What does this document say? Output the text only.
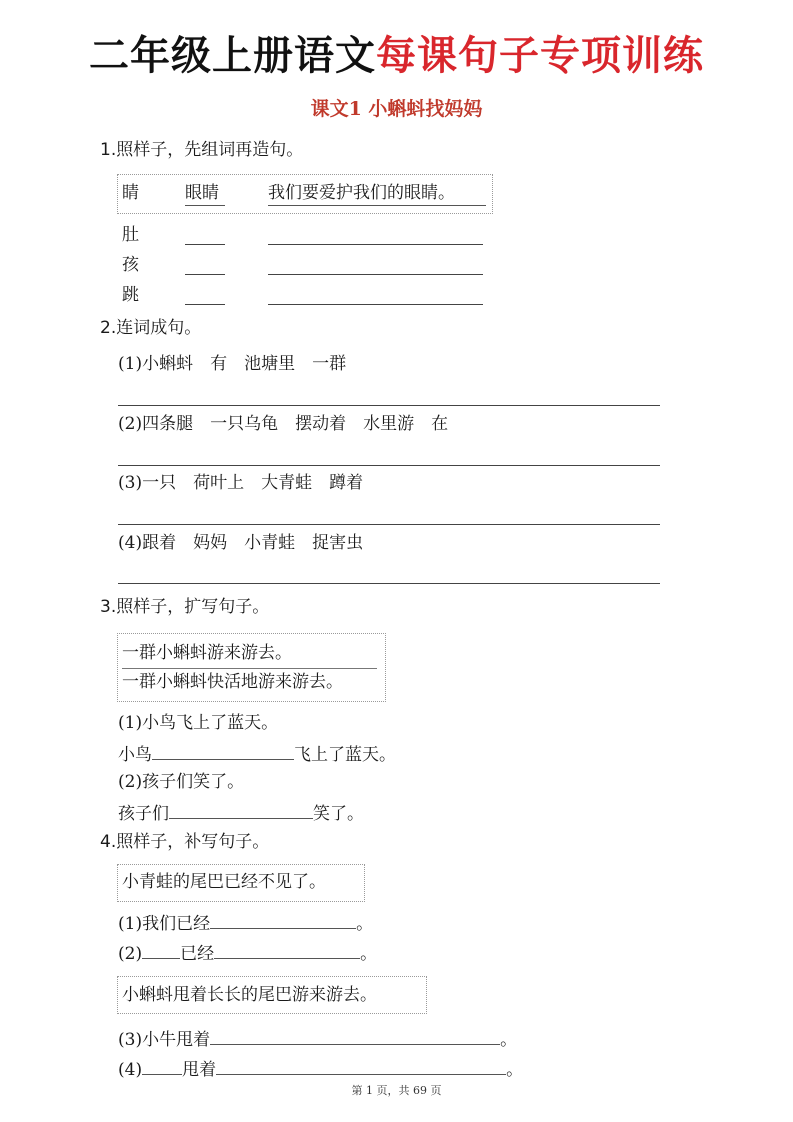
二年级上册语文每课句子专项训练
课文1 小蝌蚪找妈妈
1.照样子，先组词再造句。
睛	眼睛	我们要爱护我们的眼睛。
肚
孩
跳
2.连词成句。
(1)小蝌蚪　有　池塘里　一群
(2)四条腿　一只乌龟　摆动着　水里游　在
(3)一只　荷叶上　大青蛙　蹲着
(4)跟着　妈妈　小青蛙　捉害虫
3.照样子，扩写句子。
一群小蝌蚪游来游去。
一群小蝌蚪快活地游来游去。
(1)小鸟飞上了蓝天。
小鸟	飞上了蓝天。
(2)孩子们笑了。
孩子们	笑了。
4.照样子，补写句子。
小青蛙的尾巴已经不见了。
(1)我们已经	。
(2) 已经	。
小蝌蚪甩着长长的尾巴游来游去。
(3)小牛甩着	。
(4) 甩着	。
第 1 页，共 69 页
